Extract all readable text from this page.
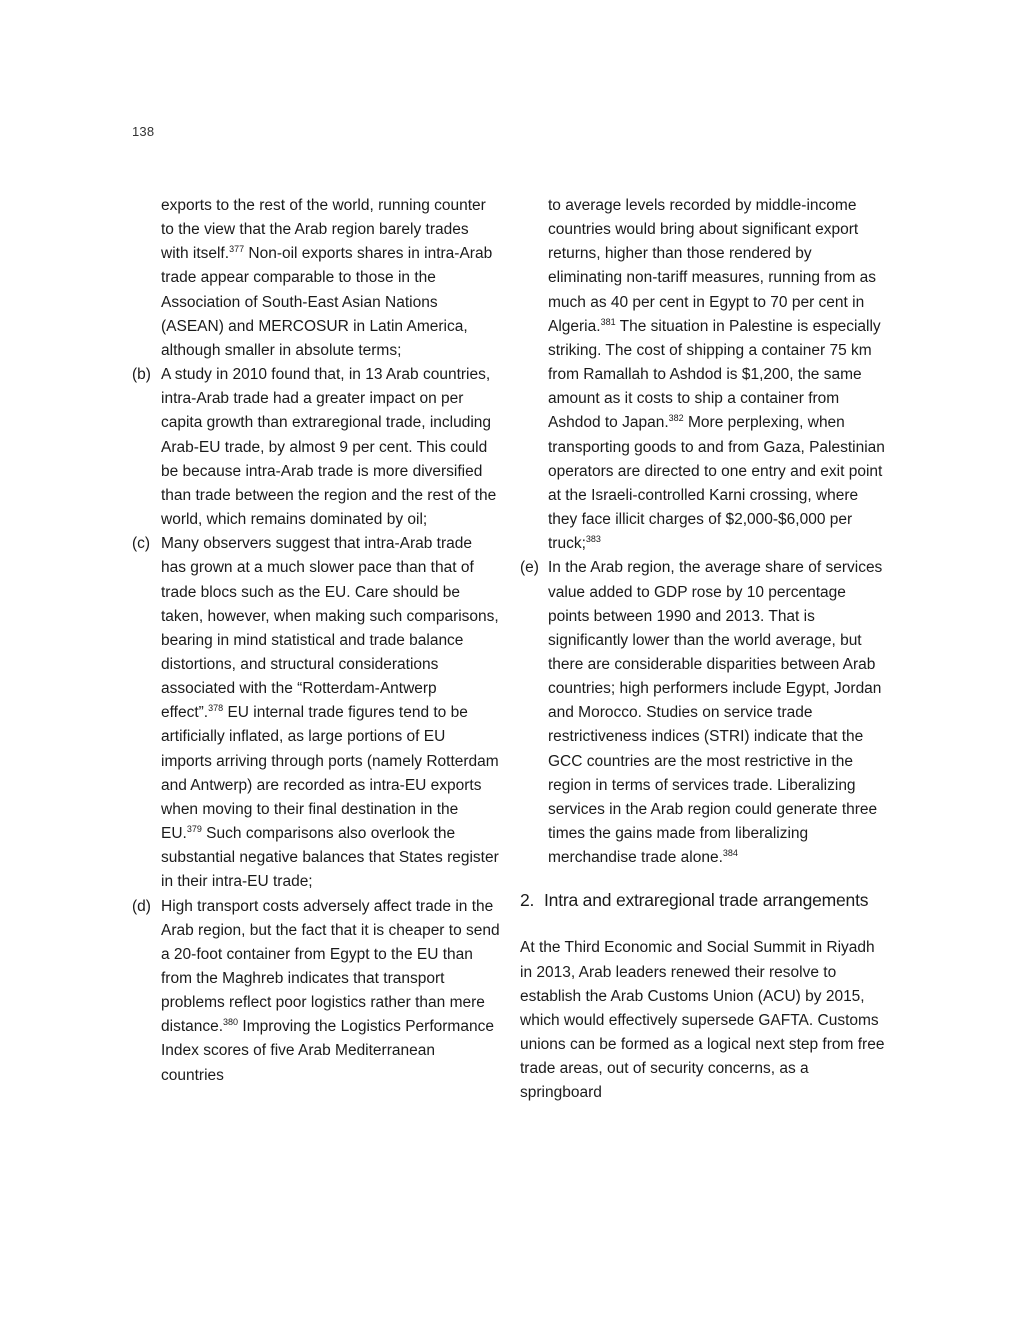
138

exports to the rest of the world, running counter to the view that the Arab region barely trades with itself.$^{377}$ Non-oil exports shares in intra-Arab trade appear comparable to those in the Association of South-East Asian Nations (ASEAN) and MERCOSUR in Latin America, although smaller in absolute terms;

(b) A study in 2010 found that, in 13 Arab countries, intra-Arab trade had a greater impact on per capita growth than extraregional trade, including Arab-EU trade, by almost 9 per cent. This could be because intra-Arab trade is more diversified than trade between the region and the rest of the world, which remains dominated by oil;

(c) Many observers suggest that intra-Arab trade has grown at a much slower pace than that of trade blocs such as the EU. Care should be taken, however, when making such comparisons, bearing in mind statistical and trade balance distortions, and structural considerations associated with the “Rotterdam-Antwerp effect”.$^{378}$ EU internal trade figures tend to be artificially inflated, as large portions of EU imports arriving through ports (namely Rotterdam and Antwerp) are recorded as intra-EU exports when moving to their final destination in the EU.$^{379}$ Such comparisons also overlook the substantial negative balances that States register in their intra-EU trade;

(d) High transport costs adversely affect trade in the Arab region, but the fact that it is cheaper to send a 20-foot container from Egypt to the EU than from the Maghreb indicates that transport problems reflect poor logistics rather than mere distance.$^{380}$ Improving the Logistics Performance Index scores of five Arab Mediterranean countries

to average levels recorded by middle-income countries would bring about significant export returns, higher than those rendered by eliminating non-tariff measures, running from as much as 40 per cent in Egypt to 70 per cent in Algeria.$^{381}$ The situation in Palestine is especially striking. The cost of shipping a container 75 km from Ramallah to Ashdod is $1,200, the same amount as it costs to ship a container from Ashdod to Japan.$^{382}$ More perplexing, when transporting goods to and from Gaza, Palestinian operators are directed to one entry and exit point at the Israeli-controlled Karni crossing, where they face illicit charges of $2,000-$6,000 per truck;$^{383}$

(e) In the Arab region, the average share of services value added to GDP rose by 10 percentage points between 1990 and 2013. That is significantly lower than the world average, but there are considerable disparities between Arab countries; high performers include Egypt, Jordan and Morocco. Studies on service trade restrictiveness indices (STRI) indicate that the GCC countries are the most restrictive in the region in terms of services trade. Liberalizing services in the Arab region could generate three times the gains made from liberalizing merchandise trade alone.$^{384}$

2. Intra and extraregional trade arrangements

At the Third Economic and Social Summit in Riyadh in 2013, Arab leaders renewed their resolve to establish the Arab Customs Union (ACU) by 2015, which would effectively supersede GAFTA. Customs unions can be formed as a logical next step from free trade areas, out of security concerns, as a springboard
